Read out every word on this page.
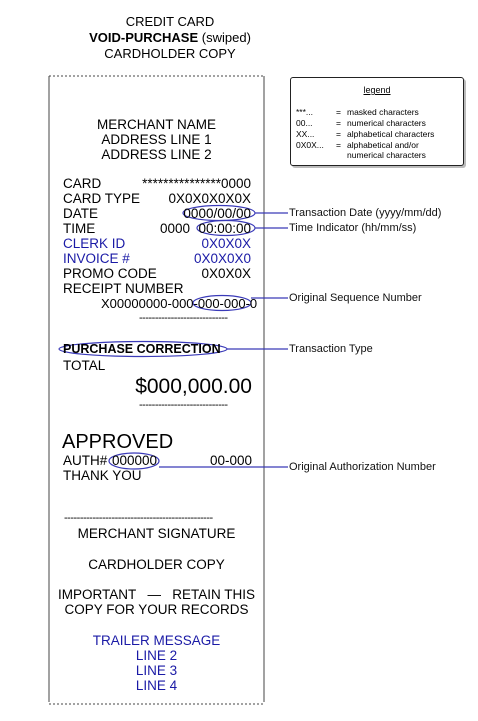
CREDIT CARD
VOID-PURCHASE (swiped)
CARDHOLDER COPY
legend
***...	= masked characters
00...	= numerical characters
XX...	= alphabetical characters
0X0X... = alphabetical and/or
numerical characters
MERCHANT NAME
ADDRESS LINE 1
ADDRESS LINE 2
CARD	***************0000
CARD TYPE 0X0X0X0X0X
DATE	0000/00/00
TIME	0000 00:00:00
CLERK ID	0X0X0X
INVOICE #	0X0X0X0
PROMO CODE	0X0X0X
RECEIPT NUMBER
X00000000-000-000-000-0
----------------------------
PURCHASE CORRECTION
TOTAL
$000,000.00
----------------------------
APPROVED
AUTH# 000000	00-000
THANK YOU
-----------------------------------------------
MERCHANT SIGNATURE
CARDHOLDER COPY
IMPORTANT — RETAIN THIS
COPY FOR YOUR RECORDS
TRAILER MESSAGE
LINE 2
LINE 3
LINE 4
Transaction Date (yyyy/mm/dd)
Time Indicator (hh/mm/ss)
Original Sequence Number
Transaction Type
Original Authorization Number
